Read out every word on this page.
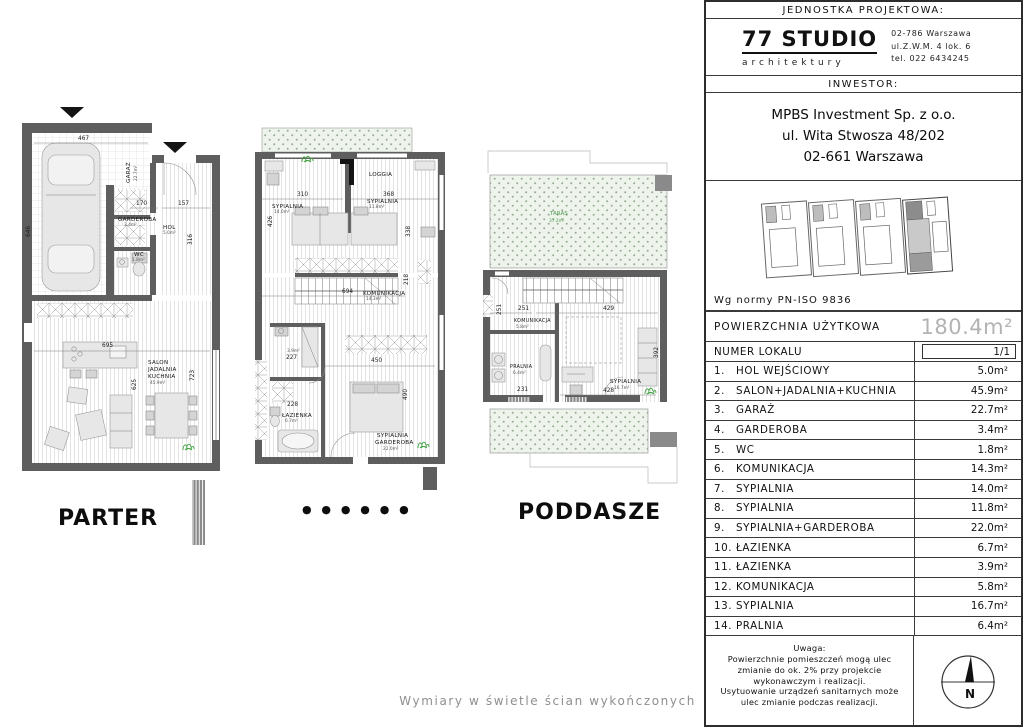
467
170	157
646
316
695
625
723
GARAŻ 22.7m²
GARDEROBA
3.4m²	HOL
5.0m²
WC
1.8m²
SALON
JADALNIA
KUCHNIA
45.9m²
PARTER
310	368
426
338
694
218
227
228
450
490
LOGGIA
SYPIALNIA
14.0m²
SYPIALNIA
11.8m²
KOMUNIKACJA
14.3m²
3.9m²
ŁAZIENKA
6.7m²
SYPIALNIA
GARDEROBA
22.0m²
● ● ● ● ● ●
TARAS
37.2m²
251
251	429
428
392
231
KOMUNIKACJA
5.8m²
PRALNIA
6.4m²
SYPIALNIA
16.7m²
PODDASZE
Wymiary w świetle ścian wykończonych
JEDNOSTKA PROJEKTOWA:
77 STUDIO
architektury
02-786 Warszawa
ul.Z.W.M. 4 lok. 6
tel. 022 6434245
INWESTOR:
MPBS Investment Sp. z o.o.
ul. Wita Stwosza 48/202
02-661 Warszawa
Wg normy PN-ISO 9836
POWIERZCHNIA UŻYTKOWA	180.4m²
NUMER LOKALU	1/1
1.	HOL WEJŚCIOWY	5.0m²
2.	SALON+JADALNIA+KUCHNIA	45.9m²
3.	GARAŻ	22.7m²
4.	GARDEROBA	3.4m²
5.	WC	1.8m²
6.	KOMUNIKACJA	14.3m²
7.	SYPIALNIA	14.0m²
8.	SYPIALNIA	11.8m²
9.	SYPIALNIA+GARDEROBA	22.0m²
10. ŁAZIENKA	6.7m²
11. ŁAZIENKA	3.9m²
12. KOMUNIKACJA	5.8m²
13. SYPIALNIA	16.7m²
14. PRALNIA	6.4m²
Uwaga:
Powierzchnie pomieszczeń mogą ulec
zmianie do ok. 2% przy projekcie
wykonawczym i realizacji.
Usytuowanie urządzeń sanitarnych może
ulec zmianie podczas realizacji.
N
